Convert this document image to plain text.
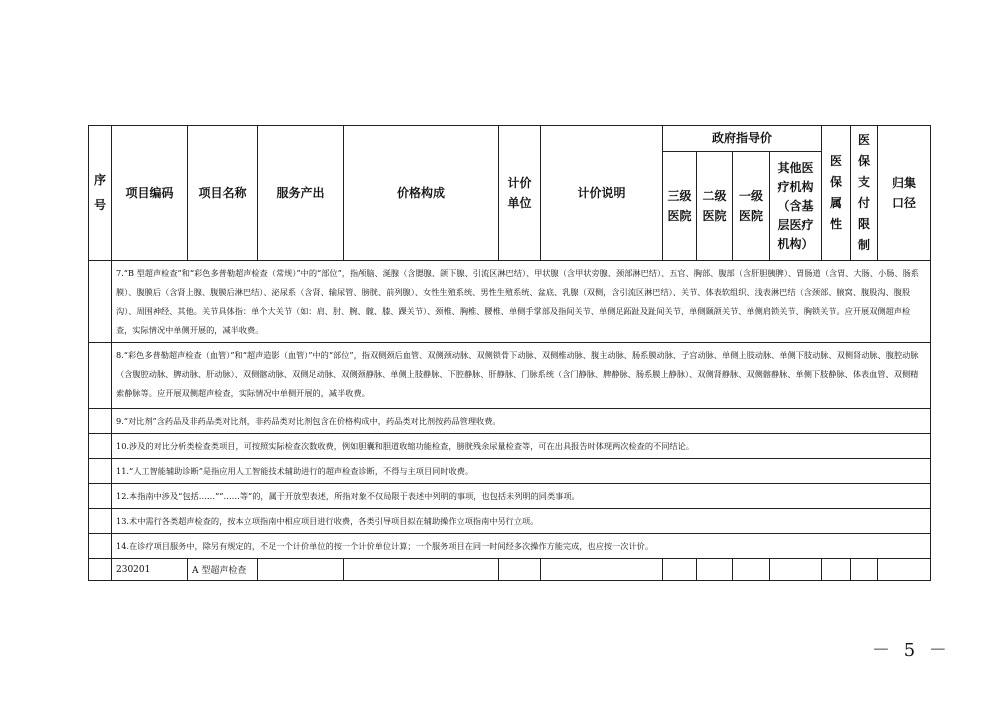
序号	项目编码	项目名称	服务产出	价格构成	计价单位	计价说明	政府指导价				医保属性	医保支付限制	归集口径
							三级医院	二级医院	一级医院	其他医疗机构（含基层医疗机构）			
	7.“B 型超声检查”和“彩色多普勒超声检查（常规）”中的“部位”，指颅脑、涎腺（含腮腺、颌下腺、引流区淋巴结）、甲状腺（含甲状旁腺、颈部淋巴结）、五官、胸部、腹部（含肝胆胰脾）、胃肠道（含胃、大肠、小肠、肠系膜）、腹膜后（含肾上腺、腹膜后淋巴结）、泌尿系（含肾、输尿管、膀胱、前列腺）、女性生殖系统、男性生殖系统、盆底、乳腺（双侧，含引流区淋巴结）、关节、体表软组织、浅表淋巴结（含颈部、腋窝、腹股沟、腹股沟）、周围神经、其他。关节具体指：单个大关节（如：肩、肘、腕、髋、膝、踝关节）、颈椎、胸椎、腰椎、单侧手掌部及指间关节、单侧足跖趾及趾间关节、单侧颞颌关节、单侧肩锁关节、胸锁关节。应开展双侧超声检查，实际情况中单侧开展的，减半收费。												
	8.“彩色多普勒超声检查（血管）”和“超声造影（血管）”中的“部位”，指双侧颈后血管、双侧颈动脉、双侧锁骨下动脉、双侧椎动脉、腹主动脉、肠系膜动脉、子宫动脉、单侧上肢动脉、单侧下肢动脉、双侧肾动脉、腹腔动脉（含腹腔动脉、脾动脉、肝动脉）、双侧髂动脉、双侧足动脉、双侧颈静脉、单侧上肢静脉、下腔静脉、肝静脉、门脉系统（含门静脉、脾静脉、肠系膜上静脉）、双侧肾静脉、双侧髂静脉、单侧下肢静脉、体表血管、双侧精索静脉等。应开展双侧超声检查，实际情况中单侧开展的，减半收费。												
	9.“对比剂”含药品及非药品类对比剂，非药品类对比剂包含在价格构成中，药品类对比剂按药品管理收费。												
	10.涉及的对比分析类检查类项目，可按照实际检查次数收费，例如胆囊和胆道收缩功能检查，膀胱残余尿量检查等，可在出具报告时体现两次检查的不同结论。												
	11.“人工智能辅助诊断”是指应用人工智能技术辅助进行的超声检查诊断，不得与主项目同时收费。												
	12.本指南中涉及“包括……”“……等”的，属于开放型表述，所指对象不仅局限于表述中列明的事项，也包括未列明的同类事项。												
	13.术中需行各类超声检查的，按本立项指南中相应项目进行收费，各类引导项目拟在辅助操作立项指南中另行立项。												
	14.在诊疗项目服务中，除另有规定的，不足一个计价单位的按一个计价单位计算；一个服务项目在同一时间经多次操作方能完成，也应按一次计价。												
	230201	A 型超声检查											
－ 5 －
